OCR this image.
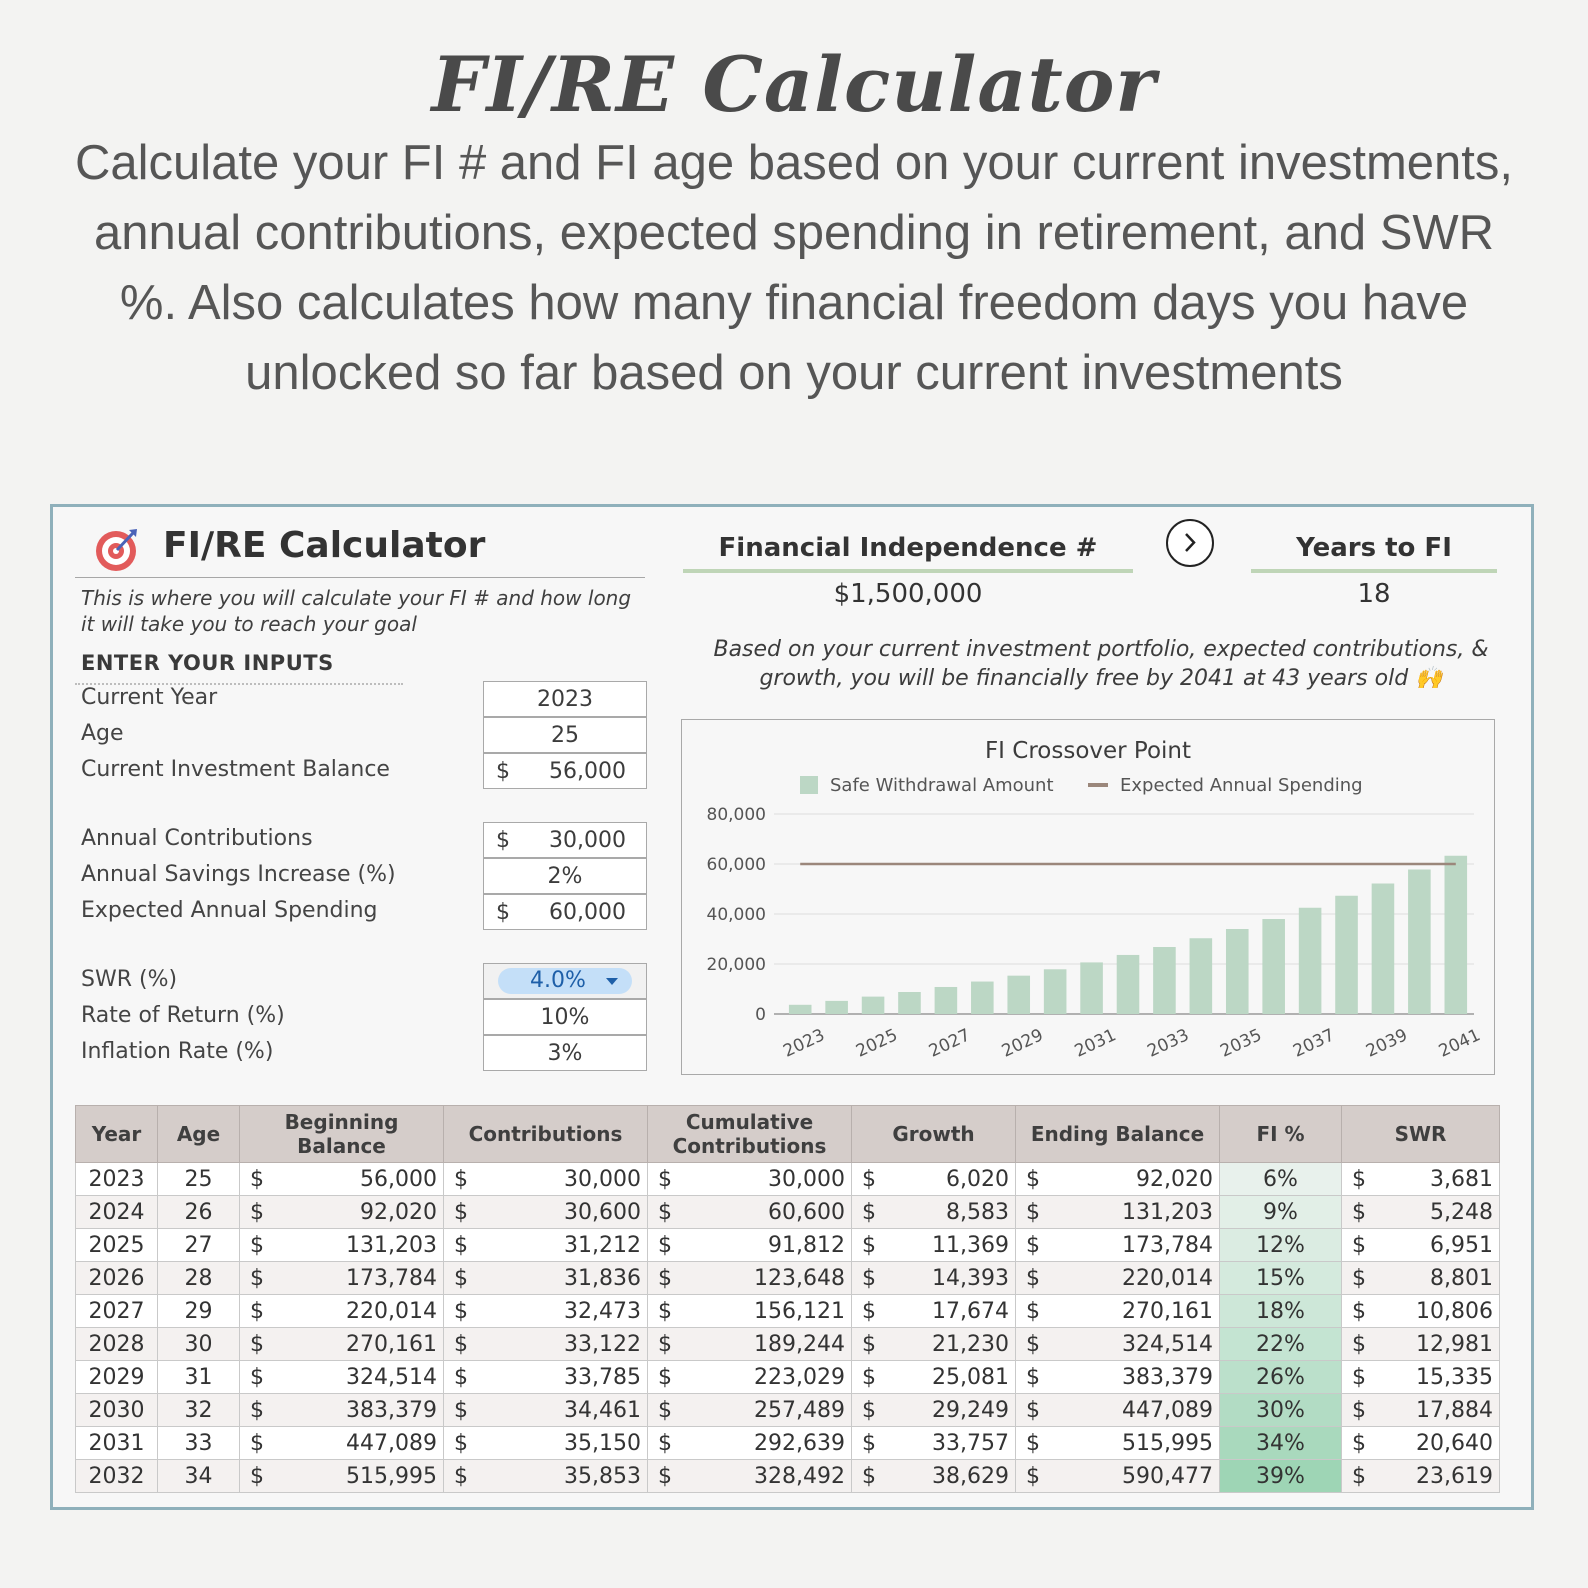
FI/RE Calculator
Calculate your FI # and FI age based on your current investments, annual contributions, expected spending in retirement, and SWR %. Also calculates how many financial freedom days you have unlocked so far based on your current investments
FI/RE Calculator
This is where you will calculate your FI # and how long it will take you to reach your goal
ENTER YOUR INPUTS
Current Year	2023
Age	25
Current Investment Balance	$ 56,000
Annual Contributions	$ 30,000
Annual Savings Increase (%)	2%
Expected Annual Spending	$ 60,000
SWR (%)	4.0%
Rate of Return (%)	10%
Inflation Rate (%)	3%
Financial Independence #
$1,500,000
Years to FI
18
Based on your current investment portfolio, expected contributions, & growth, you will be financially free by 2041 at 43 years old 🙌
FI Crossover Point
Safe Withdrawal Amount	Expected Annual Spending
0
20,000
40,000
60,000
80,000
2023 2025 2027 2029 2031 2033 2035 2037 2039 2041
Year	Age	Beginning Balance	Contributions	Cumulative Contributions	Growth	Ending Balance	FI %	SWR
2023	25	$ 56,000	$ 30,000	$ 30,000	$ 6,020	$ 92,020	6%	$ 3,681

2024	26	$ 92,020	$ 30,600	$ 60,600	$ 8,583	$ 131,203	9%	$ 5,248

2025	27	$ 131,203	$ 31,212	$ 91,812	$ 11,369	$ 173,784	12%	$ 6,951

2026	28	$ 173,784	$ 31,836	$ 123,648	$ 14,393	$ 220,014	15%	$ 8,801

2027	29	$ 220,014	$ 32,473	$ 156,121	$ 17,674	$ 270,161	18%	$ 10,806

2028	30	$ 270,161	$ 33,122	$ 189,244	$ 21,230	$ 324,514	22%	$ 12,981

2029	31	$ 324,514	$ 33,785	$ 223,029	$ 25,081	$ 383,379	26%	$ 15,335

2030	32	$ 383,379	$ 34,461	$ 257,489	$ 29,249	$ 447,089	30%	$ 17,884

2031	33	$ 447,089	$ 35,150	$ 292,639	$ 33,757	$ 515,995	34%	$ 20,640

2032	34	$ 515,995	$ 35,853	$ 328,492	$ 38,629	$ 590,477	39%	$ 23,619
